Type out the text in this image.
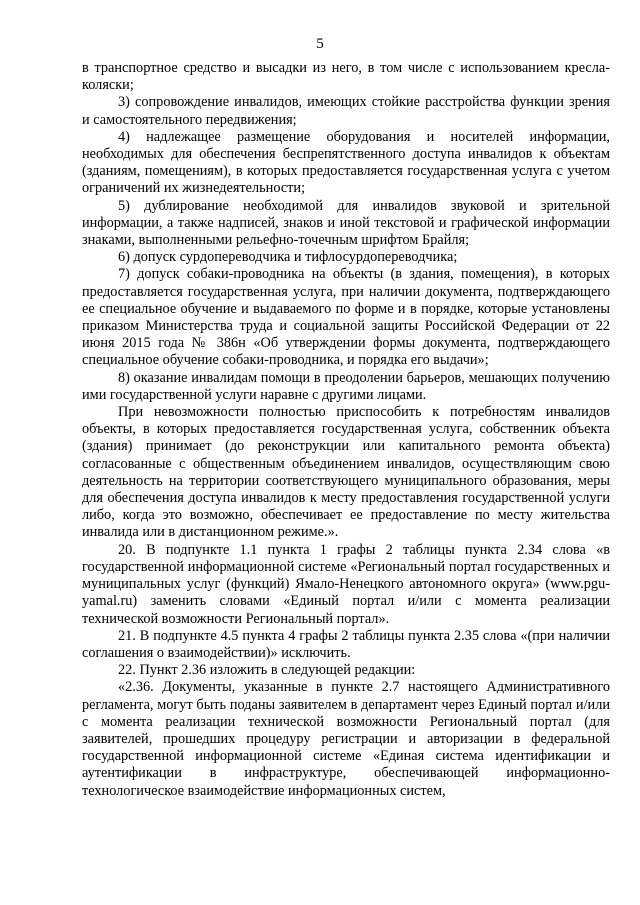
5

в транспортное средство и высадки из него, в том числе с использованием кресла-коляски;

3) сопровождение инвалидов, имеющих стойкие расстройства функции зрения и самостоятельного передвижения;

4) надлежащее размещение оборудования и носителей информации, необходимых для обеспечения беспрепятственного доступа инвалидов к объектам (зданиям, помещениям), в которых предоставляется государственная услуга с учетом ограничений их жизнедеятельности;

5) дублирование необходимой для инвалидов звуковой и зрительной информации, а также надписей, знаков и иной текстовой и графической информации знаками, выполненными рельефно-точечным шрифтом Брайля;

6) допуск сурдопереводчика и тифлосурдопереводчика;

7) допуск собаки-проводника на объекты (в здания, помещения), в которых предоставляется государственная услуга, при наличии документа, подтверждающего ее специальное обучение и выдаваемого по форме и в порядке, которые установлены приказом Министерства труда и социальной защиты Российской Федерации от 22 июня 2015 года № 386н «Об утверждении формы документа, подтверждающего специальное обучение собаки-проводника, и порядка его выдачи»;

8) оказание инвалидам помощи в преодолении барьеров, мешающих получению ими государственной услуги наравне с другими лицами.

При невозможности полностью приспособить к потребностям инвалидов объекты, в которых предоставляется государственная услуга, собственник объекта (здания) принимает (до реконструкции или капитального ремонта объекта) согласованные с общественным объединением инвалидов, осуществляющим свою деятельность на территории соответствующего муниципального образования, меры для обеспечения доступа инвалидов к месту предоставления государственной услуги либо, когда это возможно, обеспечивает ее предоставление по месту жительства инвалида или в дистанционном режиме.».

20. В подпункте 1.1 пункта 1 графы 2 таблицы пункта 2.34 слова «в государственной информационной системе «Региональный портал государственных и муниципальных услуг (функций) Ямало-Ненецкого автономного округа» (www.pgu-yamal.ru) заменить словами «Единый портал и/или с момента реализации технической возможности Региональный портал».

21. В подпункте 4.5 пункта 4 графы 2 таблицы пункта 2.35 слова «(при наличии соглашения о взаимодействии)» исключить.

22. Пункт 2.36 изложить в следующей редакции:

«2.36. Документы, указанные в пункте 2.7 настоящего Административного регламента, могут быть поданы заявителем в департамент через Единый портал и/или с момента реализации технической возможности Региональный портал (для заявителей, прошедших процедуру регистрации и авторизации в федеральной государственной информационной системе «Единая система идентификации и аутентификации в инфраструктуре, обеспечивающей информационно-технологическое взаимодействие информационных систем,
